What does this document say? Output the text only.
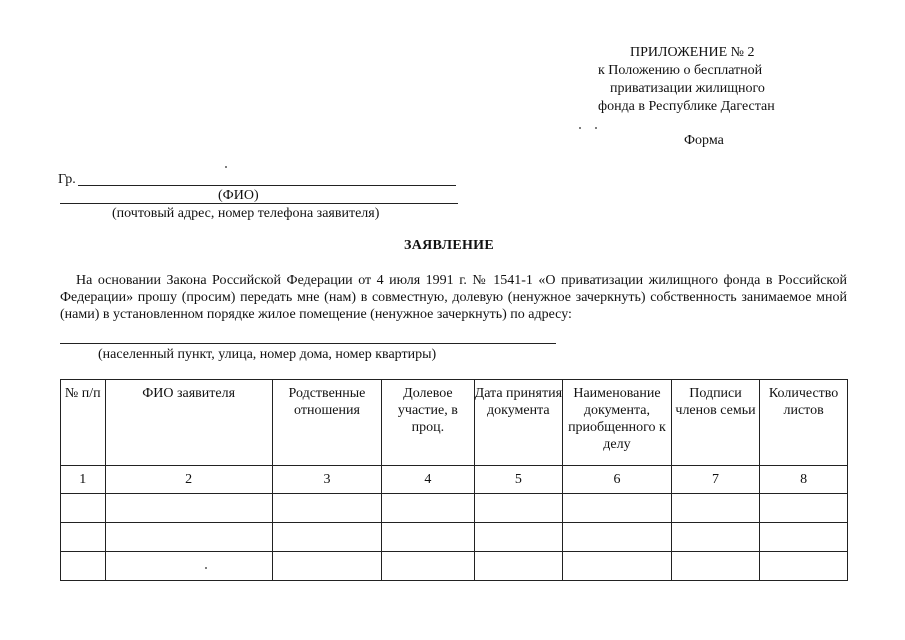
ПРИЛОЖЕНИЕ № 2
к Положению о бесплатной
приватизации жилищного
фонда в Республике Дагестан
Форма
Гр.
(ФИО)
(почтовый адрес, номер телефона заявителя)
ЗАЯВЛЕНИЕ
На основании Закона Российской Федерации от 4 июля 1991 г. № 1541-1 «О приватизации жилищного фонда в Российской Федерации» прошу (просим) передать мне (нам) в совместную, долевую (ненужное зачеркнуть) собственность занимаемое мной (нами) в установленном порядке жилое помещение (ненужное зачеркнуть) по адресу:
(населенный пункт, улица, номер дома, номер квартиры)
№ п/п	ФИО заявителя	Родственные отношения	Долевое участие, в проц.	Дата принятия документа	Наименование документа, приобщенного к делу	Подписи членов семьи	Количество листов
1	2	3	4	5	6	7	8
